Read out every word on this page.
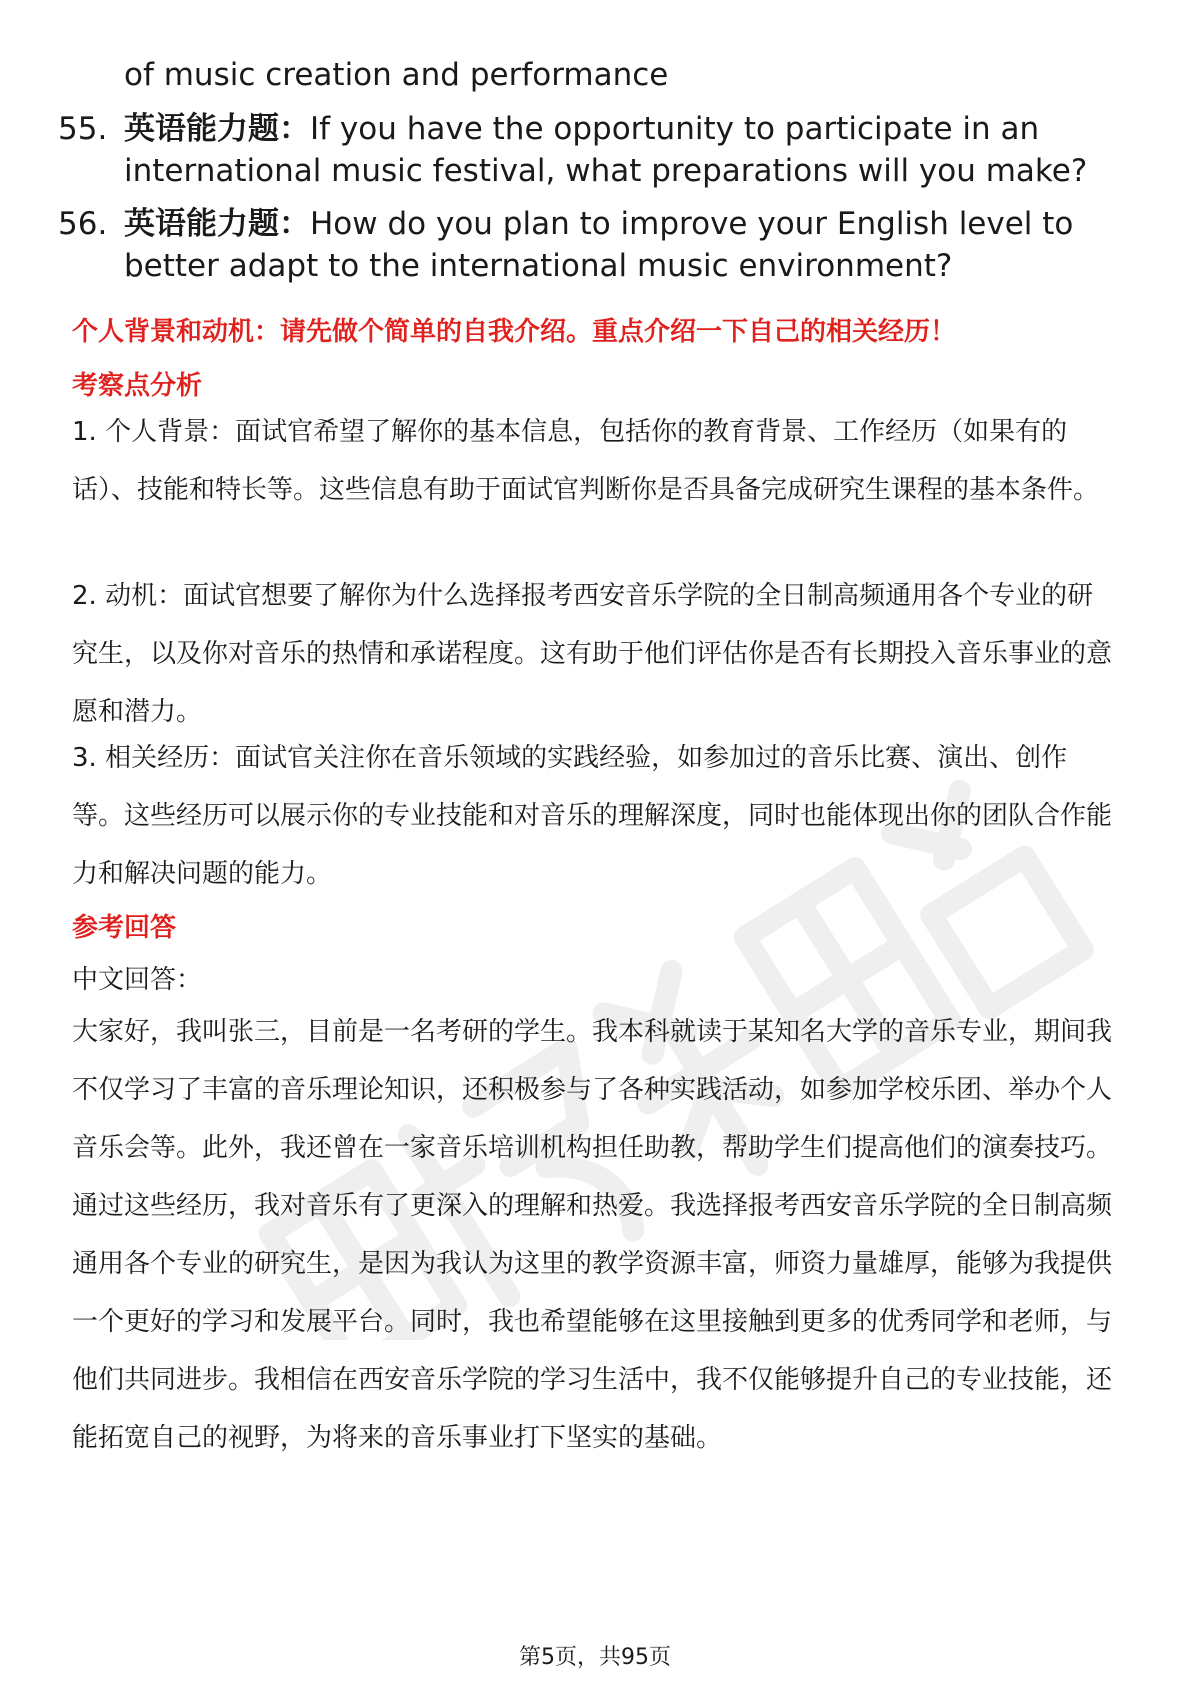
of music creation and performance
55. 英语能力题：If you have the opportunity to participate in an international music festival, what preparations will you make?
56. 英语能力题：How do you plan to improve your English level to better adapt to the international music environment?
个人背景和动机：请先做个简单的自我介绍。重点介绍一下自己的相关经历！
考察点分析
1. 个人背景：面试官希望了解你的基本信息，包括你的教育背景、工作经历（如果有的话）、技能和特长等。这些信息有助于面试官判断你是否具备完成研究生课程的基本条件。
2. 动机：面试官想要了解你为什么选择报考西安音乐学院的全日制高频通用各个专业的研究生，以及你对音乐的热情和承诺程度。这有助于他们评估你是否有长期投入音乐事业的意愿和潜力。
3. 相关经历：面试官关注你在音乐领域的实践经验，如参加过的音乐比赛、演出、创作等。这些经历可以展示你的专业技能和对音乐的理解深度，同时也能体现出你的团队合作能力和解决问题的能力。
参考回答
中文回答：
大家好，我叫张三，目前是一名考研的学生。我本科就读于某知名大学的音乐专业，期间我不仅学习了丰富的音乐理论知识，还积极参与了各种实践活动，如参加学校乐团、举办个人音乐会等。此外，我还曾在一家音乐培训机构担任助教，帮助学生们提高他们的演奏技巧。通过这些经历，我对音乐有了更深入的理解和热爱。我选择报考西安音乐学院的全日制高频通用各个专业的研究生，是因为我认为这里的教学资源丰富，师资力量雄厚，能够为我提供一个更好的学习和发展平台。同时，我也希望能够在这里接触到更多的优秀同学和老师，与他们共同进步。我相信在西安音乐学院的学习生活中，我不仅能够提升自己的专业技能，还能拓宽自己的视野，为将来的音乐事业打下坚实的基础。
第5页，共95页
